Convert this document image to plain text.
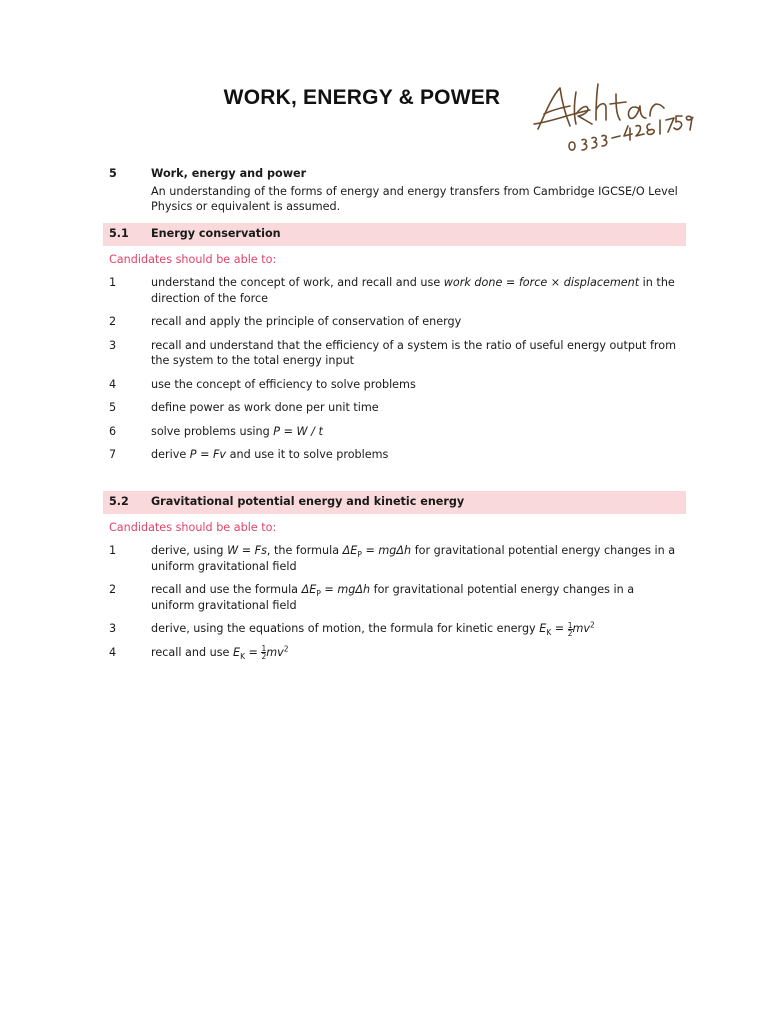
WORK, ENERGY & POWER
5	Work, energy and power
An understanding of the forms of energy and energy transfers from Cambridge IGCSE/O Level Physics or equivalent is assumed.
5.1	Energy conservation
Candidates should be able to:
1	understand the concept of work, and recall and use work done = force × displacement in the direction of the force
2	recall and apply the principle of conservation of energy
3	recall and understand that the efficiency of a system is the ratio of useful energy output from the system to the total energy input
4	use the concept of efficiency to solve problems
5	define power as work done per unit time
6	solve problems using P = W / t
7	derive P = Fv and use it to solve problems
5.2	Gravitational potential energy and kinetic energy
Candidates should be able to:
1	derive, using W = Fs, the formula $\Delta E_P = mg\Delta h$ for gravitational potential energy changes in a uniform gravitational field
2	recall and use the formula $\Delta E_P = mg\Delta h$ for gravitational potential energy changes in a uniform gravitational field
3	derive, using the equations of motion, the formula for kinetic energy $E_K = \frac{1}{2} mv^2$
4	recall and use $E_K = \frac{1}{2} mv^2$
